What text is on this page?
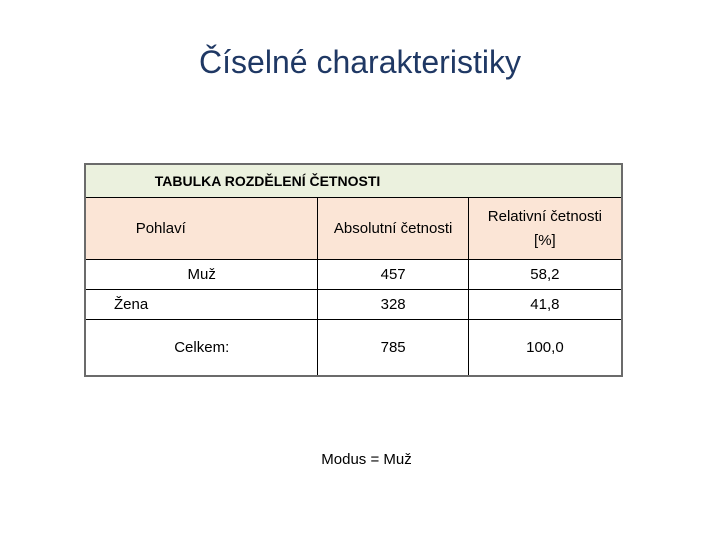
Číselné charakteristiky
TABULKA ROZDĚLENÍ ČETNOSTI		
Pohlaví	Absolutní četnosti	Relativní četnosti
[%]

Muž	457	58,2
Žena	328	41,8
Celkem:	785	100,0
Modus = Muž
